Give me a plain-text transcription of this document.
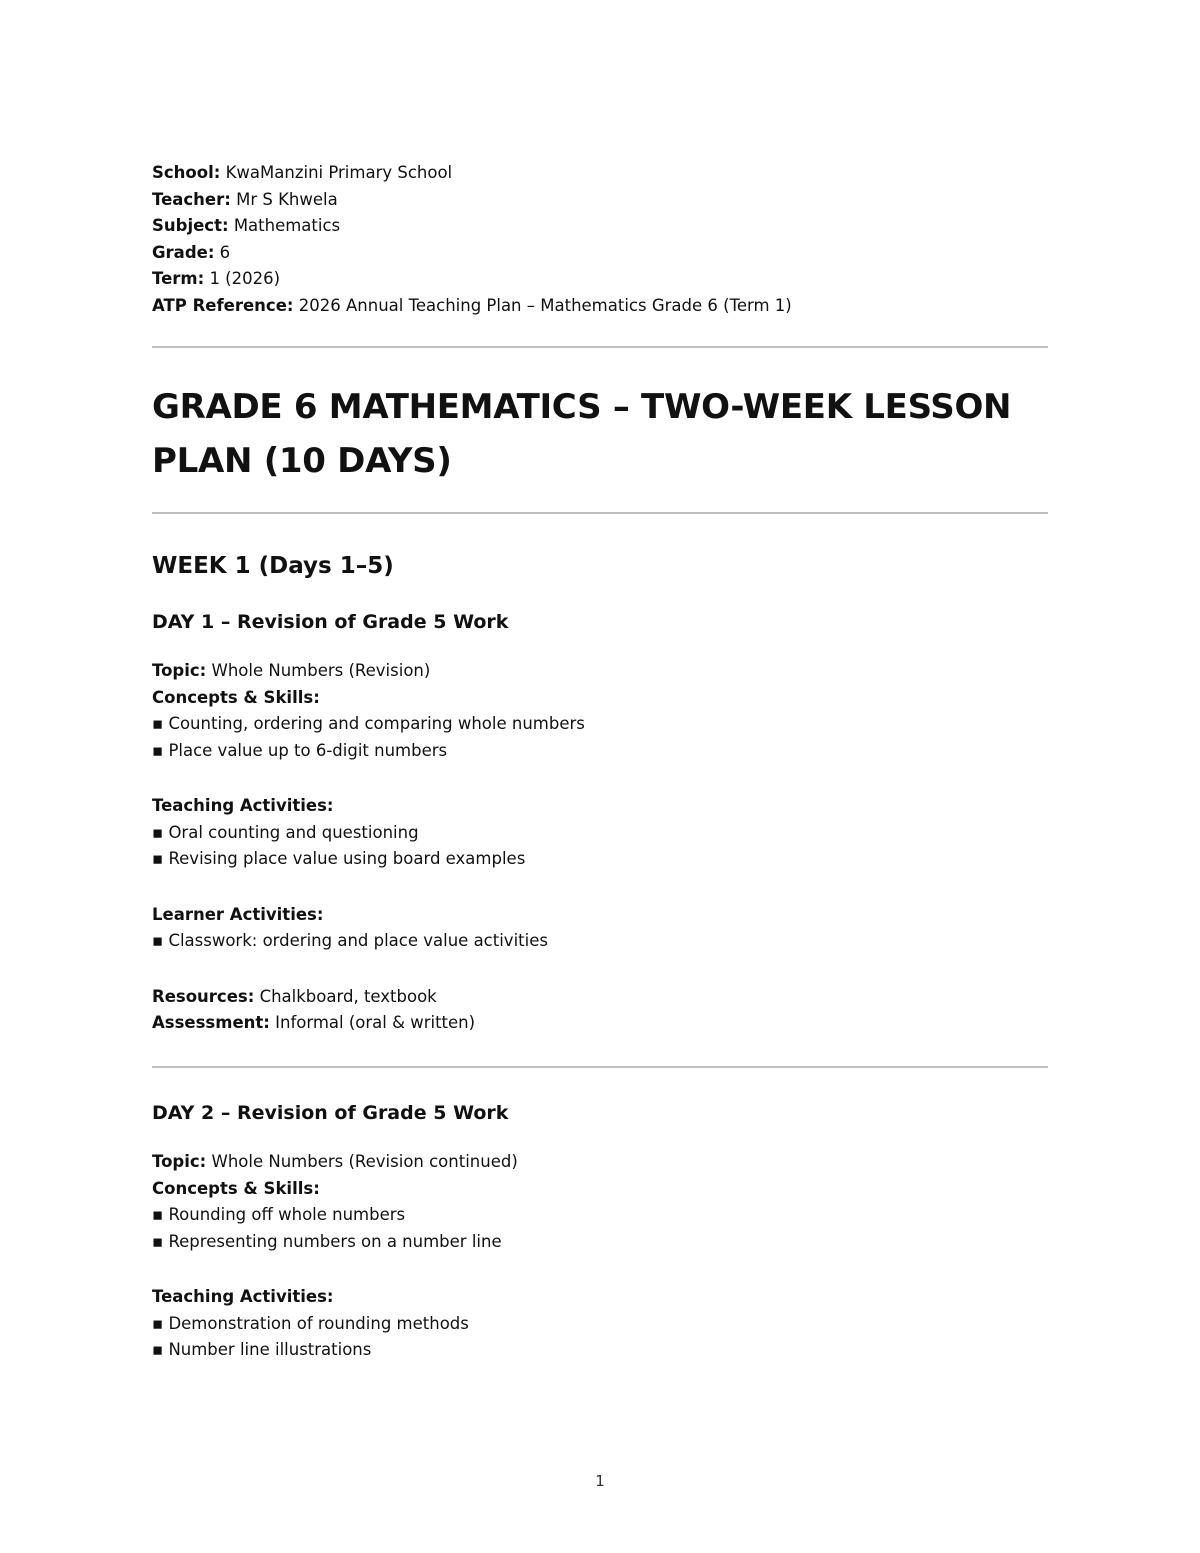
School: KwaManzini Primary School
Teacher: Mr S Khwela
Subject: Mathematics
Grade: 6
Term: 1 (2026)
ATP Reference: 2026 Annual Teaching Plan – Mathematics Grade 6 (Term 1)
GRADE 6 MATHEMATICS – TWO-WEEK LESSON PLAN (10 DAYS)
WEEK 1 (Days 1–5)
DAY 1 – Revision of Grade 5 Work
Topic: Whole Numbers (Revision)
Concepts & Skills:
▪ Counting, ordering and comparing whole numbers
▪ Place value up to 6-digit numbers
Teaching Activities:
▪ Oral counting and questioning
▪ Revising place value using board examples
Learner Activities:
▪ Classwork: ordering and place value activities
Resources: Chalkboard, textbook
Assessment: Informal (oral & written)
DAY 2 – Revision of Grade 5 Work
Topic: Whole Numbers (Revision continued)
Concepts & Skills:
▪ Rounding off whole numbers
▪ Representing numbers on a number line
Teaching Activities:
▪ Demonstration of rounding methods
▪ Number line illustrations
1
